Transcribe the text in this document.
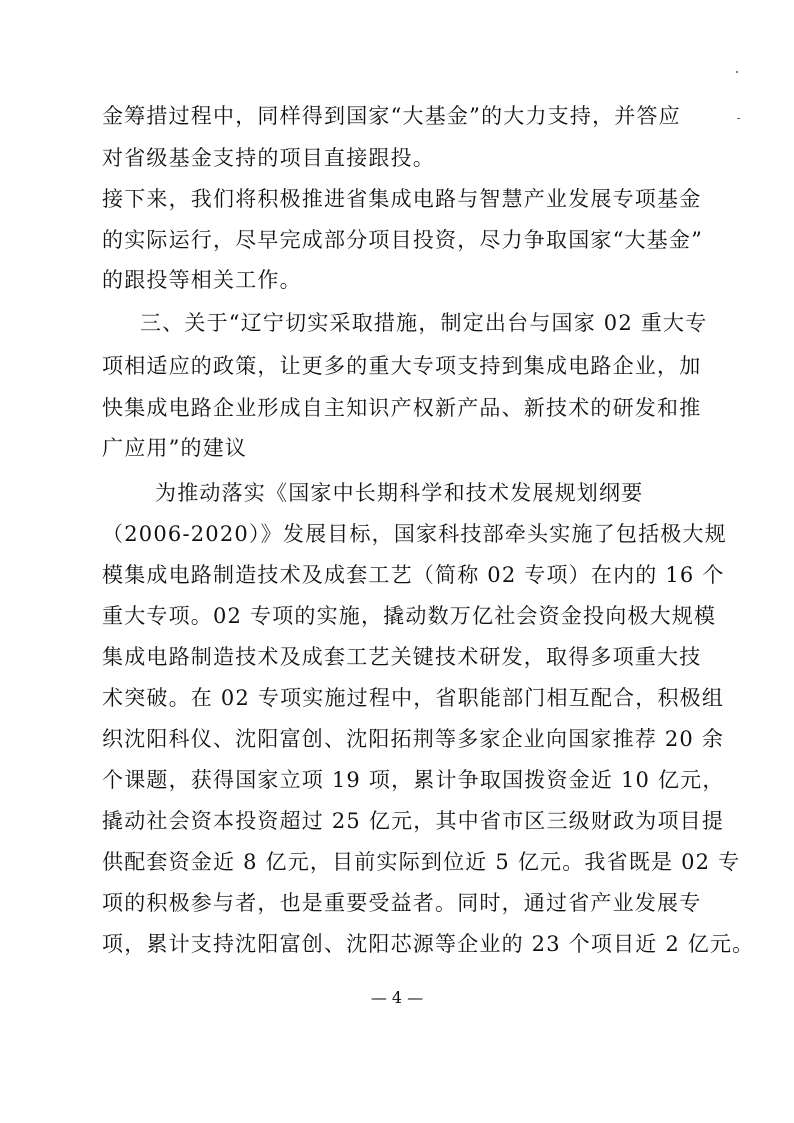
金筹措过程中，同样得到国家“大基金”的大力支持，并答应
对省级基金支持的项目直接跟投。
接下来，我们将积极推进省集成电路与智慧产业发展专项基金
的实际运行，尽早完成部分项目投资，尽力争取国家“大基金”
的跟投等相关工作。
三、关于“辽宁切实采取措施，制定出台与国家 02 重大专
项相适应的政策，让更多的重大专项支持到集成电路企业，加
快集成电路企业形成自主知识产权新产品、新技术的研发和推
广应用”的建议
为推动落实《国家中长期科学和技术发展规划纲要
（2006-2020）》发展目标，国家科技部牵头实施了包括极大规
模集成电路制造技术及成套工艺（简称 02 专项）在内的 16 个
重大专项。02 专项的实施，撬动数万亿社会资金投向极大规模
集成电路制造技术及成套工艺关键技术研发，取得多项重大技
术突破。在 02 专项实施过程中，省职能部门相互配合，积极组
织沈阳科仪、沈阳富创、沈阳拓荆等多家企业向国家推荐 20 余
个课题，获得国家立项 19 项，累计争取国拨资金近 10 亿元，
撬动社会资本投资超过 25 亿元，其中省市区三级财政为项目提
供配套资金近 8 亿元，目前实际到位近 5 亿元。我省既是 02 专
项的积极参与者，也是重要受益者。同时，通过省产业发展专
项，累计支持沈阳富创、沈阳芯源等企业的 23 个项目近 2 亿元。
— 4 —
